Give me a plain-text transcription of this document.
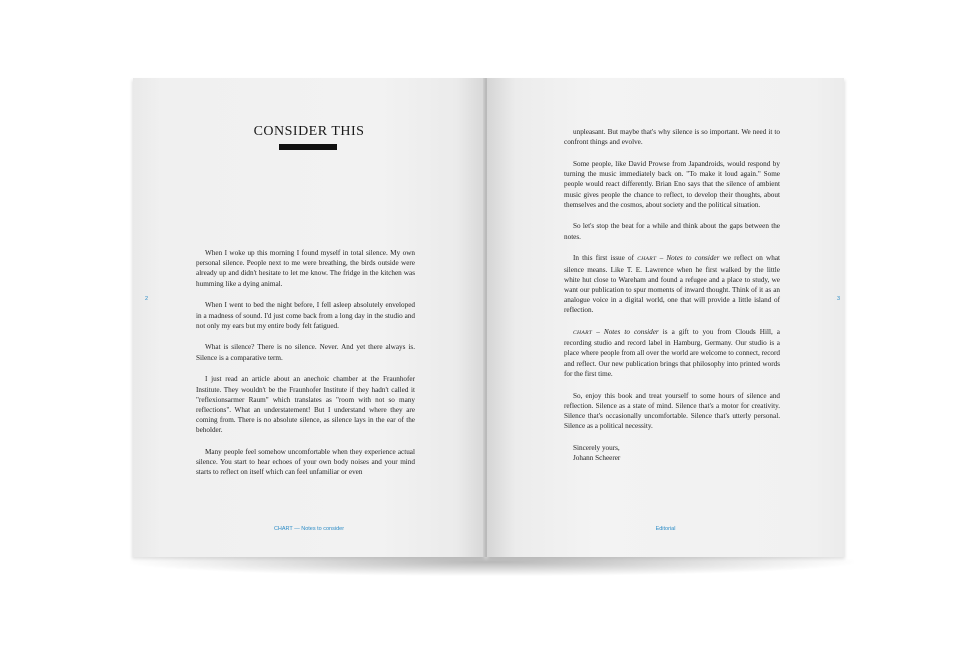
CONSIDER THIS

When I woke up this morning I found myself in total silence. My own personal silence. People next to me were breathing, the birds outside were already up and didn't hesitate to let me know. The fridge in the kitchen was humming like a dying animal.

When I went to bed the night before, I fell asleep absolutely enveloped in a madness of sound. I'd just come back from a long day in the studio and not only my ears but my entire body felt fatigued.

What is silence? There is no silence. Never. And yet there always is. Silence is a comparative term.

I just read an article about an anechoic chamber at the Fraunhofer Institute. They wouldn't be the Fraunhofer Institute if they hadn't called it "reflexionsarmer Raum" which translates as "room with not so many reflections". What an understatement! But I understand where they are coming from. There is no absolute silence, as silence lays in the ear of the beholder.

Many people feel somehow uncomfortable when they experience actual silence. You start to hear echoes of your own body noises and your mind starts to reflect on itself which can feel unfamiliar or even

2
CHART — Notes to consider

unpleasant. But maybe that's why silence is so important. We need it to confront things and evolve.

Some people, like David Prowse from Japandroids, would respond by turning the music immediately back on. "To make it loud again." Some people would react differently. Brian Eno says that the silence of ambient music gives people the chance to reflect, to develop their thoughts, about themselves and the cosmos, about society and the political situation.

So let's stop the beat for a while and think about the gaps between the notes.

In this first issue of CHART – Notes to consider we reflect on what silence means. Like T. E. Lawrence when he first walked by the little white hut close to Wareham and found a refugee and a place to study, we want our publication to spur moments of inward thought. Think of it as an analogue voice in a digital world, one that will provide a little island of reflection.

CHART – Notes to consider is a gift to you from Clouds Hill, a recording studio and record label in Hamburg, Germany. Our studio is a place where people from all over the world are welcome to connect, record and reflect. Our new publication brings that philosophy into printed words for the first time.

So, enjoy this book and treat yourself to some hours of silence and reflection. Silence as a state of mind. Silence that's a motor for creativity. Silence that's occasionally uncomfortable. Silence that's utterly personal. Silence as a political necessity.

Sincerely yours,

Johann Scheerer

3
Editorial
